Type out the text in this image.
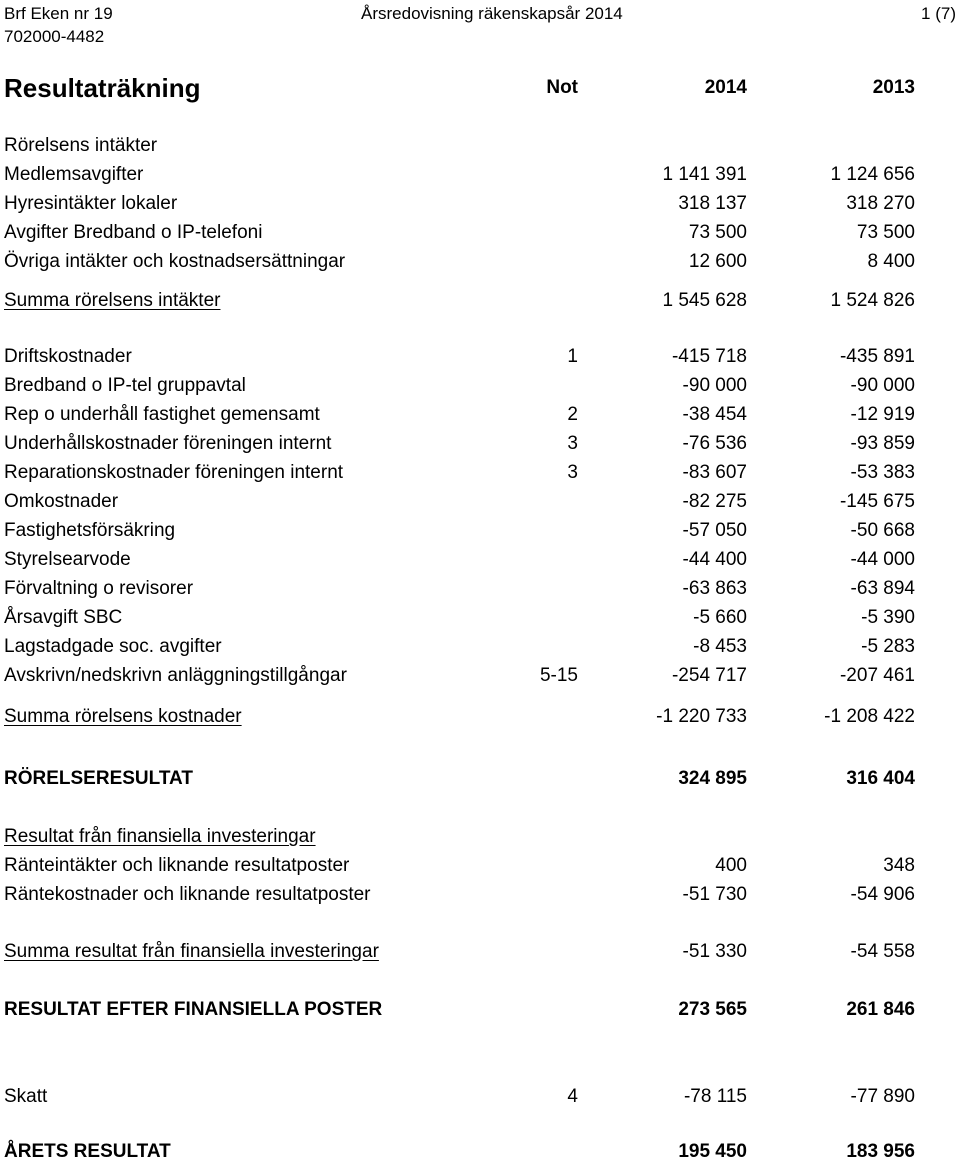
Brf Eken nr 19
702000-4482
Årsredovisning räkenskapsår 2014	1 (7)
Resultaträkning	Not	2014	2013
Rörelsens intäkter
Medlemsavgifter	1 141 391	1 124 656
Hyresintäkter lokaler	318 137	318 270
Avgifter Bredband o IP-telefoni	73 500	73 500
Övriga intäkter och kostnadsersättningar	12 600	8 400
Summa rörelsens intäkter	1 545 628	1 524 826
Driftskostnader	1	-415 718	-435 891
Bredband o IP-tel gruppavtal	-90 000	-90 000
Rep o underhåll fastighet gemensamt	2	-38 454	-12 919
Underhållskostnader föreningen internt	3	-76 536	-93 859
Reparationskostnader föreningen internt	3	-83 607	-53 383
Omkostnader	-82 275	-145 675
Fastighetsförsäkring	-57 050	-50 668
Styrelsearvode	-44 400	-44 000
Förvaltning o revisorer	-63 863	-63 894
Årsavgift SBC	-5 660	-5 390
Lagstadgade soc. avgifter	-8 453	-5 283
Avskrivn/nedskrivn anläggningstillgångar	5-15	-254 717	-207 461
Summa rörelsens kostnader	-1 220 733	-1 208 422
RÖRELSERESULTAT	324 895	316 404
Resultat från finansiella investeringar
Ränteintäkter och liknande resultatposter	400	348
Räntekostnader och liknande resultatposter	-51 730	-54 906
Summa resultat från finansiella investeringar	-51 330	-54 558
RESULTAT EFTER FINANSIELLA POSTER	273 565	261 846
Skatt	4	-78 115	-77 890
ÅRETS RESULTAT	195 450	183 956
